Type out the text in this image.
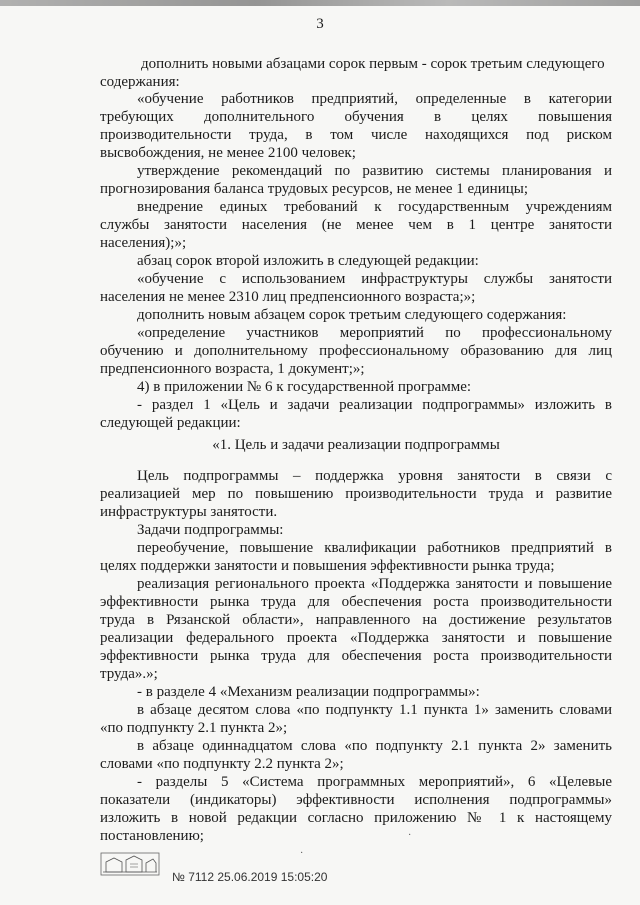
3
дополнить новыми абзацами сорок первым - сорок третьим следующего
содержания:
«обучение работников предприятий, определенные в категории
требующих дополнительного обучения в целях повышения
производительности труда, в том числе находящихся под риском
высвобождения, не менее 2100 человек;
утверждение рекомендаций по развитию системы планирования и
прогнозирования баланса трудовых ресурсов, не менее 1 единицы;
внедрение единых требований к государственным учреждениям
службы занятости населения (не менее чем в 1 центре занятости
населения);»;
абзац сорок второй изложить в следующей редакции:
«обучение с использованием инфраструктуры службы занятости
населения не менее 2310 лиц предпенсионного возраста;»;
дополнить новым абзацем сорок третьим следующего содержания:
«определение участников мероприятий по профессиональному
обучению и дополнительному профессиональному образованию для лиц
предпенсионного возраста, 1 документ;»;
4) в приложении № 6 к государственной программе:
- раздел 1 «Цель и задачи реализации подпрограммы» изложить в
следующей редакции:
«1. Цель и задачи реализации подпрограммы
Цель подпрограммы – поддержка уровня занятости в связи с
реализацией мер по повышению производительности труда и развитие
инфраструктуры занятости.
Задачи подпрограммы:
переобучение, повышение квалификации работников предприятий в
целях поддержки занятости и повышения эффективности рынка труда;
реализация регионального проекта «Поддержка занятости и повышение
эффективности рынка труда для обеспечения роста производительности
труда в Рязанской области», направленного на достижение результатов
реализации федерального проекта «Поддержка занятости и повышение
эффективности рынка труда для обеспечения роста производительности
труда».»;
- в разделе 4 «Механизм реализации подпрограммы»:
в абзаце десятом слова «по подпункту 1.1 пункта 1» заменить словами
«по подпункту 2.1 пункта 2»;
в абзаце одиннадцатом слова «по подпункту 2.1 пункта 2» заменить
словами «по подпункту 2.2 пункта 2»;
- разделы 5 «Система программных мероприятий», 6 «Целевые
показатели (индикаторы) эффективности исполнения подпрограммы»
изложить в новой редакции согласно приложению № 1 к настоящему
постановлению;	·
·
№ 7112 25.06.2019 15:05:20
